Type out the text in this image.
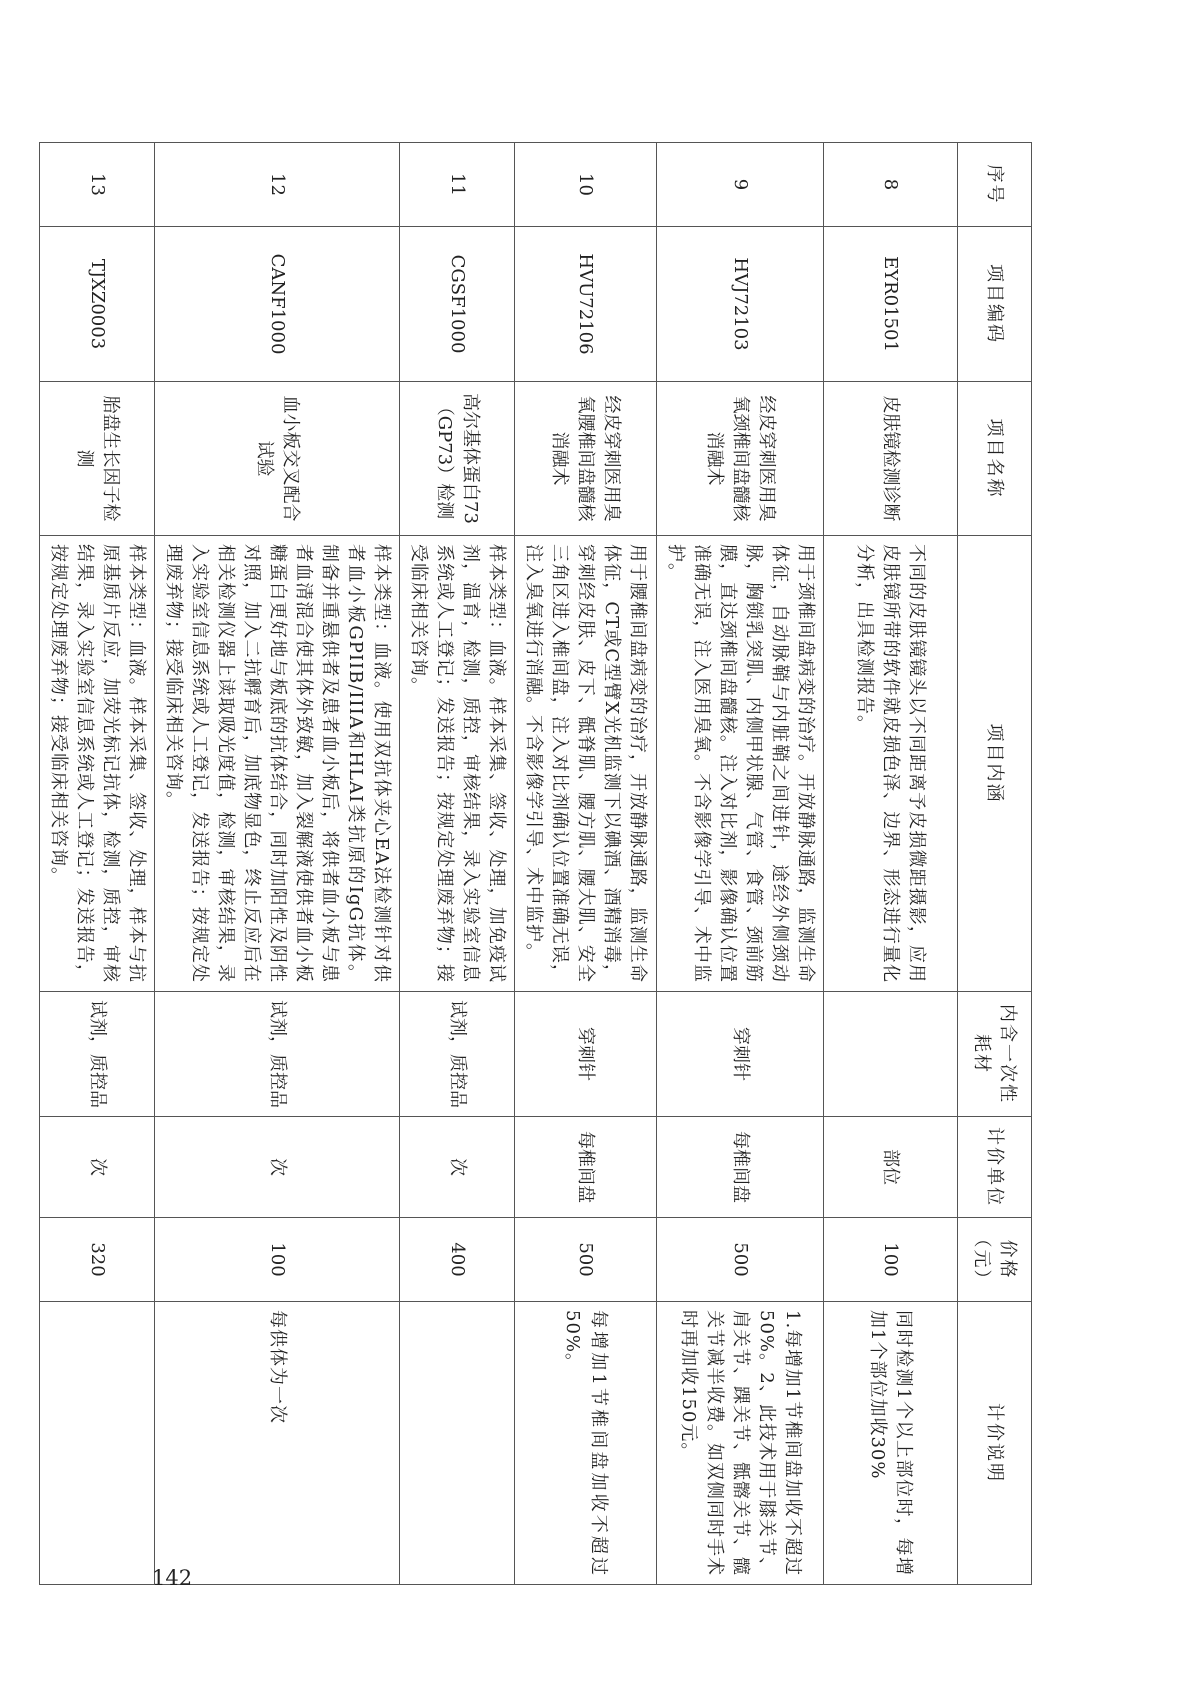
序号	项目编码	项目名称	项目内涵	内含一次性耗材	计价单位	价格（元）	计价说明
8	EYR01501	皮肤镜检测诊断	不同的皮肤镜镜头以不同距离予皮损微距摄影，应用皮肤镜所带的软件就皮损色泽、边界、形态进行量化分析，出具检测报告。		部位	100	同时检测1个以上部位时，每增加1个部位加收30%
9	HVJ72103	经皮穿刺医用臭氧颈椎间盘髓核消融术	用于颈椎间盘病变的治疗。开放静脉通路，监测生命体征，自动脉鞘与内脏鞘之间进针，途经外侧颈动脉，胸锁乳突肌、内侧甲状腺、气管、食管、颈前筋膜，直达颈椎间盘髓核。注入对比剂，影像确认位置准确无误，注入医用臭氧。不含影像学引导、术中监护。	穿刺针	每椎间盘	500	1.每增加1节椎间盘加收不超过50%。2、此技术用于膝关节、肩关节、踝关节、骶髂关节、髋关节减半收费。如双侧同时手术时再加收150元。
10	HVU72106	经皮穿刺医用臭氧腰椎间盘髓核消融术	用于腰椎间盘病变的治疗，开放静脉通路，监测生命体征，CT或C型臂X光机监测下以碘酒、酒精消毒，穿刺经皮肤、皮下、骶脊肌、腰方肌、腰大肌、安全三角区进入椎间盘，注入对比剂确认位置准确无误，注入臭氧进行消融。不含影像学引导、术中监护。	穿刺针	每椎间盘	500	每增加1节椎间盘加收不超过50%。
11	CGSF1000	高尔基体蛋白73（GP73）检测	样本类型：血液。样本采集、签收、处理，加免疫试剂，温育，检测，质控，审核结果，录入实验室信息系统或人工登记；发送报告；按规定处理废弃物；接受临床相关咨询。	试剂，质控品	次	400	
12	CANF1000	血小板交叉配合试验	样本类型：血液。使用双抗体夹心EA法检测针对供者血小板GPIIB/IIIA和HLAI类抗原的IgG抗体。制备并重悬供者及患者血小板后，将供者血小板与患者血清混合使其体外致敏，加入裂解液使供者血小板糖蛋白更好地与板底的抗体结合，同时加阳性及阴性对照，加入二抗孵育后，加底物显色，终止反应后在相关检测仪器上读取吸光度值，检测，审核结果，录入实验室信息系统或人工登记，发送报告；按规定处理废弃物；接受临床相关咨询。	试剂，质控品	次	100	每供体为一次
13	TJXZ0003	胎盘生长因子检测	样本类型：血液。样本采集、签收、处理，样本与抗原基质片反应，加荧光标记抗体，检测，质控，审核结果，录入实验室信息系统或人工登记；发送报告，按规定处理废弃物；接受临床相关咨询。	试剂，质控品	次	320	
142
